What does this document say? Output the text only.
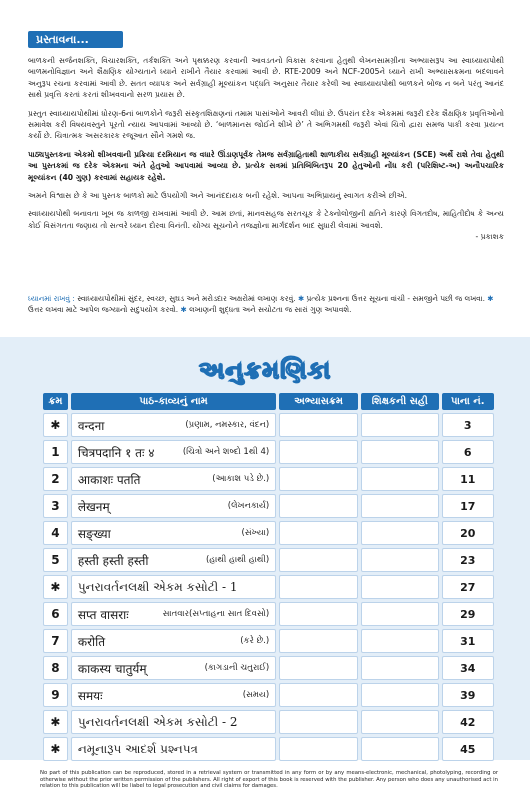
પ્રસ્તાવના...

બાળકની સર્જનશક્તિ, વિચારશક્તિ, તર્કશક્તિ અને પૃથક્કરણ કરવાની આવડતનો વિકાસ કરવાના હેતુથી લેખનસામગ્રીના અભ્યાસરૂપ આ સ્વાધ્યાયપોથી બાળમનોવિજ્ઞાન અને શૈક્ષણિક યોગ્યતાને ધ્યાને રાખીને તૈયાર કરવામાં આવી છે. RTE-2009 અને NCF-2005ને ધ્યાને રાખી અભ્યાસક્રમના બદલાવને અનુરૂપ રચના કરવામાં આવી છે. સતત વ્યાપક અને સર્વગ્રાહી મૂલ્યાંકન પદ્ધતિ અનુસાર તૈયાર કરેલી આ સ્વાધ્યાયપોથી બાળકને બોજ ન બને પરંતુ આનંદ સાથે પ્રવૃત્તિ કરતાં કરતાં શીખવવાનો સરળ પ્રયાસ છે.

પ્રસ્તુત સ્વાધ્યાયપોથીમાં ધોરણ-6નાં બાળકોને જરૂરી સંસ્કૃતશિક્ષણનાં તમામ પાસાંઓને આવરી લીધાં છે. ઉપરાંત દરેક એકમમાં જરૂરી દરેક શૈક્ષણિક પ્રવૃત્તિઓનો સમાવેશ કરી વિષયવસ્તુને પૂરતો ન્યાય આપવામાં આવ્યો છે. ‘બાળમાનસ જોઈને શીખે છે’ તે અભિગમથી જરૂરી એવાં ચિત્રો દ્વારા સમજ પાકી કરવા પ્રયત્ન કર્યો છે. ચિત્રાત્મક અસરકારક રજૂઆત સૌને ગમશે જ.

પાઠ્યપુસ્તકના એકમો શીખવવાની પ્રક્રિયા દરમિયાન જ વધારે ઊંડાણપૂર્વક તેમજ સર્વગ્રાહિતાથી શાળાકીય સર્વગ્રાહી મૂલ્યાંકન (SCE) અર્થે રાશે તેવા હેતુથી આ પુસ્તકમાં જ દરેક એકમના અંતે હેતુઓ આપવામાં આવ્યા છે. પ્રત્યેક સત્રમાં પ્રતિબિંબિતરૂપ 20 હેતુઓની નોંધ કરી (પરિશિષ્ટ-અ) અનૌપચારિક મૂલ્યાંકન (40 ગુણ) કરવામાં સહાયક રહેશે.

અમને વિશ્વાસ છે કે આ પુસ્તક બાળકો માટે ઉપયોગી અને આનંદદાયક બની રહેશે. આપના અભિપ્રાયનું સ્વાગત કરીએ છીએ.

સ્વાધ્યાયપોથી બનાવતા ખૂબ જ કાળજી રાખવામાં આવી છે. આમ છતાં, માનવસહજ સરતચૂક કે ટેક્નોલોજીની ક્ષતિને કારણે વિગતદોષ, માહિતીદોષ કે અન્ય કોઈ વિસંગતતા જણાય તો સત્વરે ધ્યાન દોરવા વિનંતી. યોગ્ય સૂચનોને તજજ્ઞોના માર્ગદર્શન બાદ સુધારી લેવામાં આવશે.
- પ્રકાશક

ધ્યાનમાં રાખવું : સ્વાધ્યાયપોથીમાં સુંદર, સ્વચ્છ, સુઘડ અને મરોડદાર અક્ષરોમાં લખાણ કરવું. ✱ પ્રત્યેક પ્રશ્નના ઉત્તર સૂચના વાંચી - સમજીને પછી જ લખવા. ✱ ઉત્તર લખવા માટે આપેલ જગ્યાનો સદુપયોગ કરવો. ✱ લખાણની શુદ્ધતા અને સચોટતા જ સારાં ગુણ અપાવશે.
અનુક્રમણિકા
ક્રમ	પાઠ-કાવ્યનું નામ	અભ્યાસક્રમ	શિક્ષકની સહી	પાના નં.
✱	वन्दना (પ્રણામ, નમસ્કાર, વંદન)			3
1	चित्रपदानि १ तः ४ (ચિત્રો અને શબ્દો 1થી 4)			6
2	आकाशः पतति (આકાશ પડે છે.)			11
3	लेखनम् (લેખનકાર્ય)			17
4	सङ्ख्या (સંખ્યા)			20
5	हस्ती हस्ती हस्ती (હાથી હાથી હાથી)			23
✱	પુનરાવર્તનલક્ષી એકમ કસોટી - 1			27
6	सप्त वासराः સાતવાર(સપ્તાહના સાત દિવસો)			29
7	करोति (કરે છે.)			31
8	काकस्य चातुर्यम् (કાગડાની ચતુરાઈ)			34
9	समयः (સમય)			39
✱	પુનરાવર્તનલક્ષી એકમ કસોટી - 2			42
✱	નમૂનારૂપ આદર્શ પ્રશ્નપત્ર			45
No part of this publication can be reproduced, stored in a retrieval system or transmitted in any form or by any means-electronic, mechanical, photolyping, recording or otherwise without the prior written permission of the publishers. All right of export of this book is reserved with the publisher. Any person who does any unauthorised act in relation to this publication will be liabel to legal prosecution and civil claims for damages.
